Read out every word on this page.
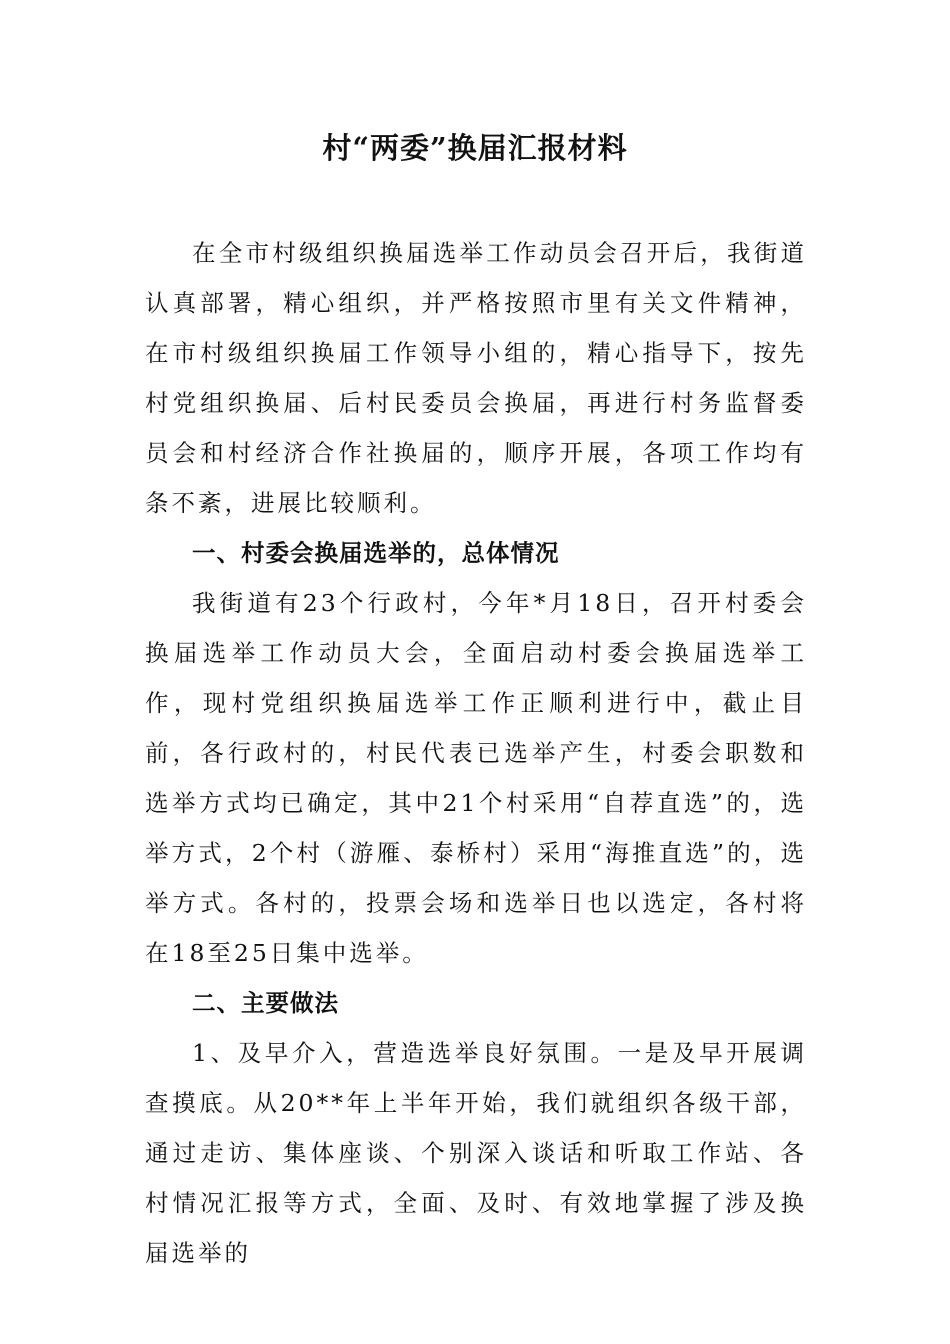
村“两委”换届汇报材料

在全市村级组织换届选举工作动员会召开后，我街道认真部署，精心组织，并严格按照市里有关文件精神，在市村级组织换届工作领导小组的，精心指导下，按先村党组织换届、后村民委员会换届，再进行村务监督委员会和村经济合作社换届的，顺序开展，各项工作均有条不紊，进展比较顺利。

一、村委会换届选举的，总体情况

我街道有23个行政村，今年*月18日，召开村委会换届选举工作动员大会，全面启动村委会换届选举工作，现村党组织换届选举工作正顺利进行中，截止目前，各行政村的，村民代表已选举产生，村委会职数和选举方式均已确定，其中21个村采用“自荐直选”的，选举方式，2个村（游雁、泰桥村）采用“海推直选”的，选举方式。各村的，投票会场和选举日也以选定，各村将在18至25日集中选举。

二、主要做法

1、及早介入，营造选举良好氛围。一是及早开展调查摸底。从20**年上半年开始，我们就组织各级干部，通过走访、集体座谈、个别深入谈话和听取工作站、各村情况汇报等方式，全面、及时、有效地掌握了涉及换届选举的
